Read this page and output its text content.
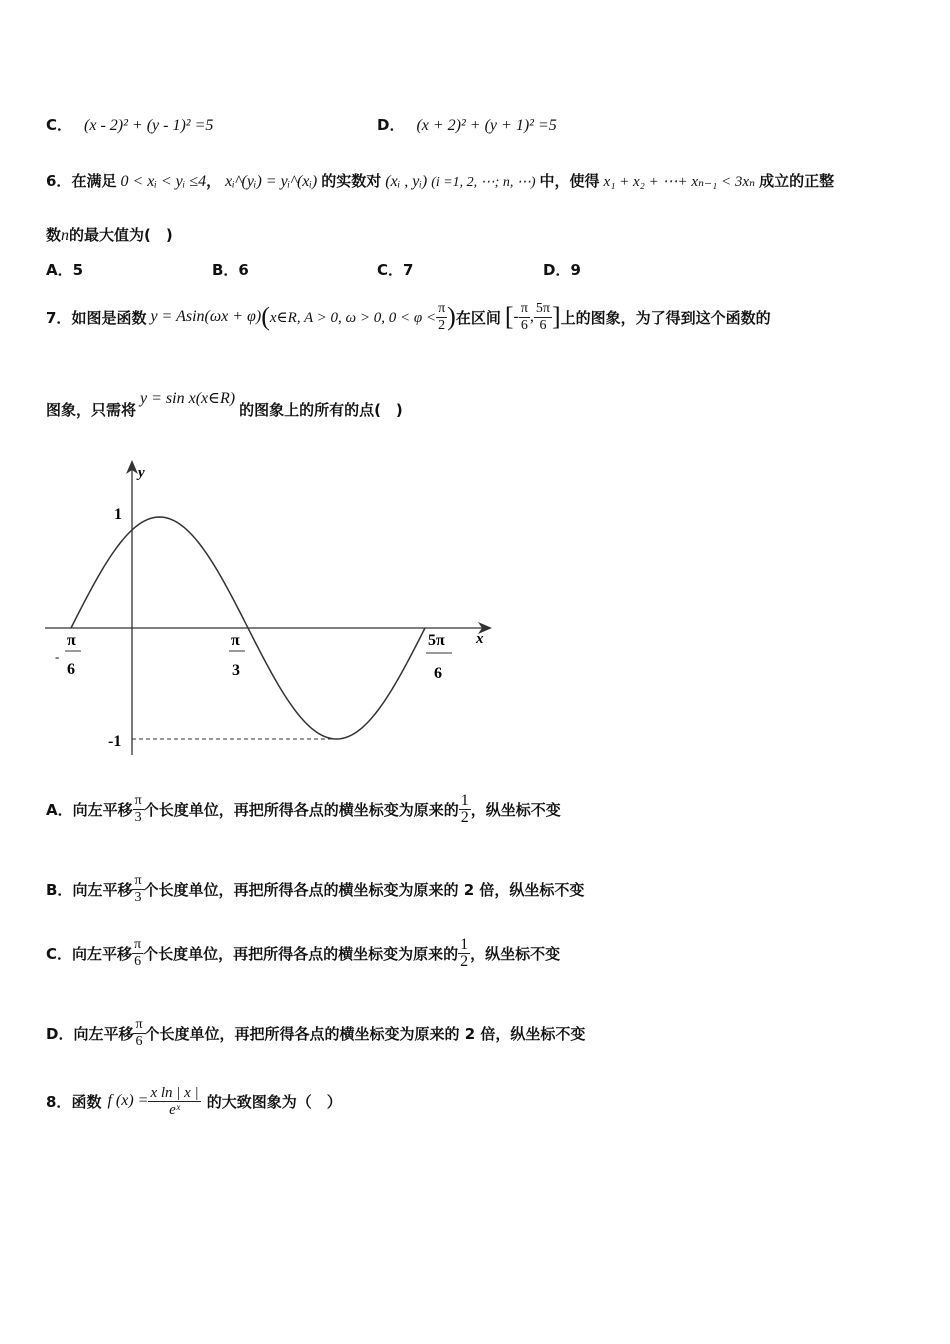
C． (x - 2)² + (y - 1)² =5	D． (x + 2)² + (y + 1)² =5
6．在满足 0 < xᵢ < yᵢ ≤4， xᵢ^(yᵢ) = yᵢ^(xᵢ) 的实数对 (xᵢ , yᵢ) (i =1, 2, ⋯; n, ⋯) 中，使得 x₁ + x₂ + ⋯+ xₙ₋₁ < 3xₙ 成立的正整
数n的最大值为(　)
A．5	B．6	C．7	D．9
7． 如图是函数 y = Asin(ωx + φ) ( x∈R, A > 0, ω > 0, $0 < \varphi < \frac{\pi}{2}$ ) 在区间 [ - $\frac{\pi}{6}$ , $\frac{5\pi}{6}$ ] 上的图象，为了得到这个函数的
图象，只需将
y = sin x(x∈R)
的图象上的所有的点(　)
y
x
1
-1
π
-
6
π
3
5π
6
A． 向左平移 $\frac{\pi}{3}$ 个长度单位，再把所得各点的横坐标变为原来的 $\frac{1}{2}$ ，纵坐标不变
B． 向左平移 $\frac{\pi}{3}$ 个长度单位，再把所得各点的横坐标变为原来的 2 倍，纵坐标不变
C． 向左平移 $\frac{\pi}{6}$ 个长度单位，再把所得各点的横坐标变为原来的 $\frac{1}{2}$ ，纵坐标不变
D． 向左平移 $\frac{\pi}{6}$ 个长度单位，再把所得各点的横坐标变为原来的 2 倍，纵坐标不变
8． 函数 f $(x) = \frac{\text{x ln | x |}}{\text{eˣ}}$ 的大致图象为（　）
